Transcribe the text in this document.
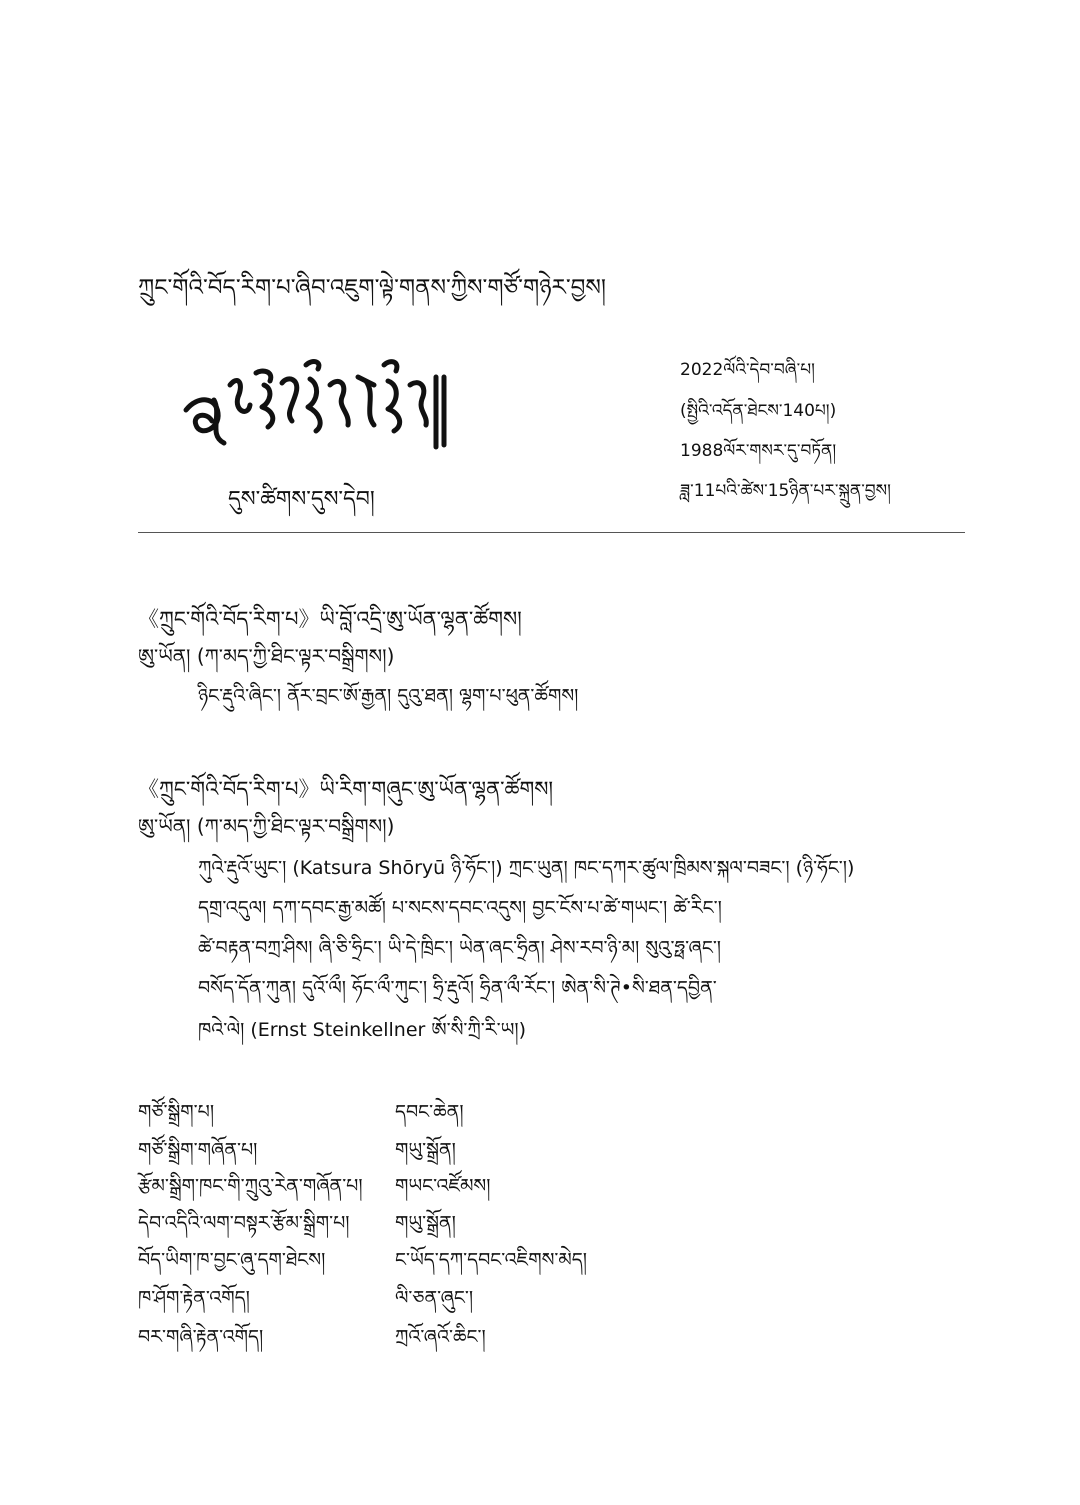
ཀྲུང་གོའི་བོད་རིག་པ་ཞིབ་འཇུག་ལྟེ་གནས་ཀྱིས་གཙོ་གཉེར་བྱས།
དུས་ཚིགས་དུས་དེབ།
2022ལོའི་དེབ་བཞི་པ།
(སྤྱིའི་འདོན་ཐེངས་140པ།)
1988ལོར་གསར་དུ་བཏོན།
ཟླ་11པའི་ཚེས་15ཉིན་པར་སྐྲུན་བྱས།
《ཀྲུང་གོའི་བོད་རིག་པ》ཡི་བློ་འདྲི་ཨུ་ཡོན་ལྷན་ཚོགས།
ཨུ་ཡོན། (ཀ་མད་ཀྱི་ཐིང་ལྟར་བསྒྲིགས།)
ཉིང་རྡུའི་ཞིང་། ནོར་བྲང་ཨོ་རྒྱན། དུའུ་ཐན། ལྷག་པ་ཕུན་ཚོགས།
《ཀྲུང་གོའི་བོད་རིག་པ》ཡི་རིག་གཞུང་ཨུ་ཡོན་ལྷན་ཚོགས།
ཨུ་ཡོན། (ཀ་མད་ཀྱི་ཐིང་ལྟར་བསྒྲིགས།)
ཀུའེ་རྡུའོ་ཡུང་། (Katsura Shōryū ཉི་ཧོང་།) ཀྲང་ཡུན། ཁང་དཀར་ཚུལ་ཁྲིམས་སྐལ་བཟང་། (ཉི་ཧོང་།)
དགྲ་འདུལ། དཀ་དབང་རྒྱ་མཚོ། པ་སངས་དབང་འདུས། བྱང་ངོས་པ་ཚེ་གཡང་། ཚེ་རིང་།
ཚེ་བརྟན་བཀྲ་ཤིས། ཞི་ཅི་ཧྲིང་། ཡི་དེ་ཁྲིང་། ཡེན་ཞང་ཧྲིན། ཤེས་རབ་ཉི་མ། སུའུ་ཧྥ་ཞང་།
བསོད་དོན་ཀུན། དུའོ་ལྀ། ཧོང་ལྀ་ཀུང་། ཧྲི་རྡུའོ། ཧྲིན་ལྀ་རོང་། ཨེན་སི་ཊེ•སི་ཐན་དབྱིན་
ཁའེ་ལེ། (Ernst Steinkellner ཨོ་སི་ཀྲི་རི་ཡ།)
གཙོ་སྒྲིག་པ།	དབང་ཆེན།
གཙོ་སྒྲིག་གཞོན་པ།	གཡུ་སྒྲོན།
རྩོམ་སྒྲིག་ཁང་གི་ཀྲུའུ་རེན་གཞོན་པ། གཡང་འཛོམས།
དེབ་འདིའི་ལག་བསྟར་རྩོམ་སྒྲིག་པ། གཡུ་སྒྲོན།
བོད་ཡིག་ཁ་བྱང་ཞུ་དག་ཐེངས།	ང་ཡོད་དཀ་དབང་འཇིགས་མེད།
ཁ་ཤོག་རྟེན་འགོད།	ལི་ཅན་ཞུང་།
བར་གཞི་རྟེན་འགོད།	ཀྲའོ་ཞའོ་ཆིང་།
